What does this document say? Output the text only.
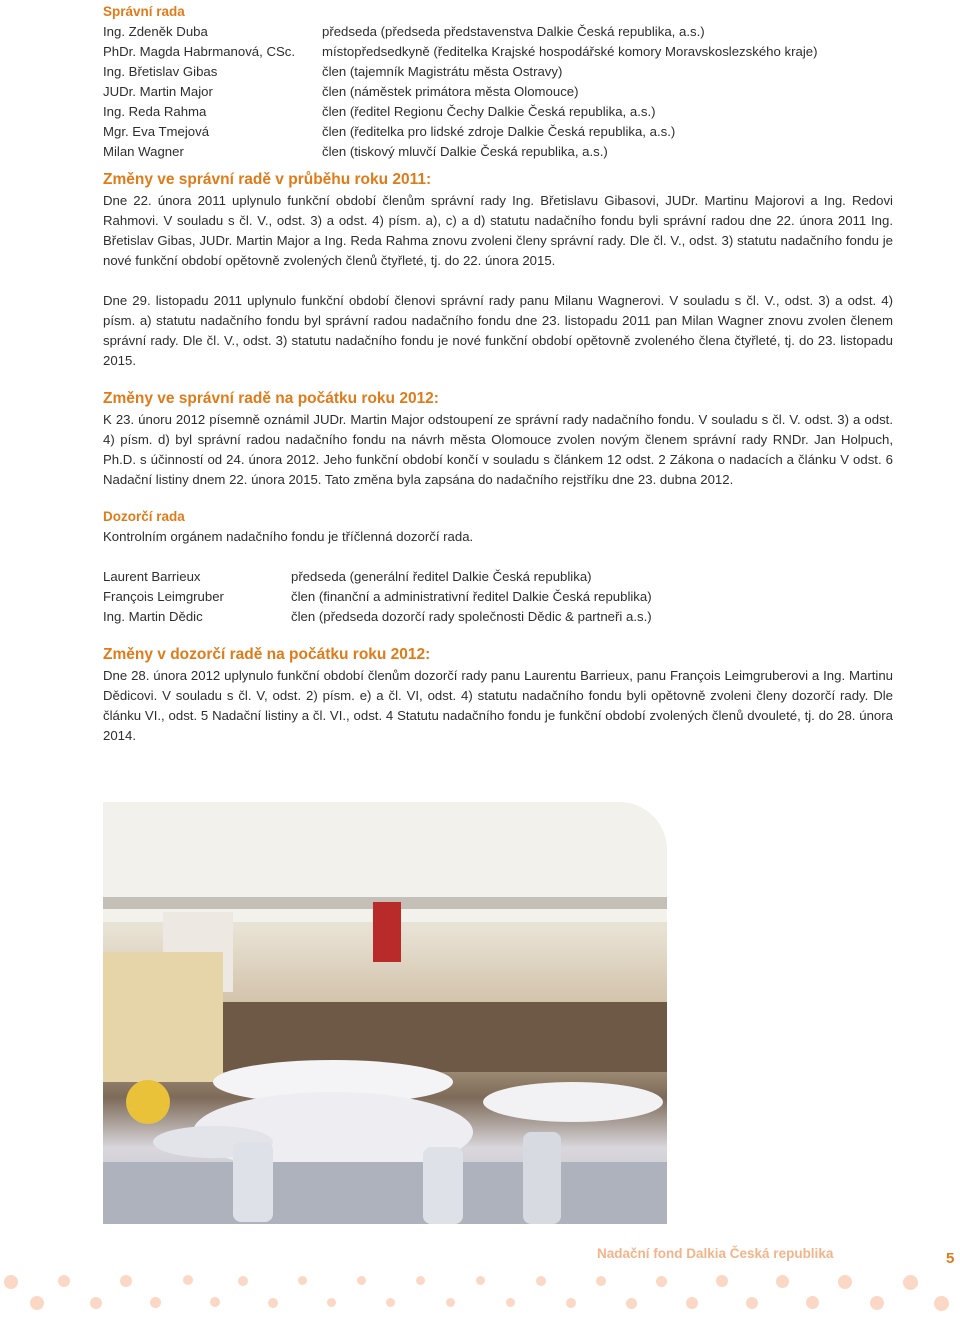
Správní rada
Ing. Zdeněk Duba	předseda (předseda představenstva Dalkie Česká republika, a.s.)
PhDr. Magda Habrmanová, CSc.	místopředsedkyně (ředitelka Krajské hospodářské komory Moravskoslezského kraje)
Ing. Břetislav Gibas	člen (tajemník Magistrátu města Ostravy)
JUDr. Martin Major	člen (náměstek primátora města Olomouce)
Ing. Reda Rahma	člen (ředitel Regionu Čechy Dalkie Česká republika, a.s.)
Mgr. Eva Tmejová	člen (ředitelka pro lidské zdroje Dalkie Česká republika, a.s.)
Milan Wagner	člen (tiskový mluvčí Dalkie Česká republika, a.s.)
Změny ve správní radě v průběhu roku 2011:
Dne 22. února 2011 uplynulo funkční období členům správní rady Ing. Břetislavu Gibasovi, JUDr. Martinu Majorovi a Ing. Redovi Rahmovi. V souladu s čl. V., odst. 3) a odst. 4) písm. a), c) a d) statutu nadačního fondu byli správní radou dne 22. února 2011 Ing. Břetislav Gibas, JUDr. Martin Major a Ing. Reda Rahma znovu zvoleni členy správní rady. Dle čl. V., odst. 3) statutu nadačního fondu je nové funkční období opětovně zvolených členů čtyřleté, tj. do 22. února 2015.
Dne 29. listopadu 2011 uplynulo funkční období členovi správní rady panu Milanu Wagnerovi. V souladu s čl. V., odst. 3) a odst. 4) písm. a) statutu nadačního fondu byl správní radou nadačního fondu dne 23. listopadu 2011 pan Milan Wagner znovu zvolen členem správní rady. Dle čl. V., odst. 3) statutu nadačního fondu je nové funkční období opětovně zvoleného člena čtyřleté, tj. do 23. listopadu 2015.
Změny ve správní radě na počátku roku 2012:
K 23. únoru 2012 písemně oznámil JUDr. Martin Major odstoupení ze správní rady nadačního fondu. V souladu s čl. V. odst. 3) a odst. 4) písm. d) byl správní radou nadačního fondu na návrh města Olomouce zvolen novým členem správní rady RNDr. Jan Holpuch, Ph.D. s účinností od 24. února 2012. Jeho funkční období končí v souladu s článkem 12 odst. 2 Zákona o nadacích a článku V odst. 6 Nadační listiny dnem 22. února 2015. Tato změna byla zapsána do nadačního rejstříku dne 23. dubna 2012.
Dozorčí rada
Kontrolním orgánem nadačního fondu je tříčlenná dozorčí rada.
Laurent Barrieux	předseda (generální ředitel Dalkie Česká republika)
François Leimgruber	člen (finanční a administrativní ředitel Dalkie Česká republika)
Ing. Martin Dědic	člen (předseda dozorčí rady společnosti Dědic & partneři a.s.)
Změny v dozorčí radě na počátku roku 2012:
Dne 28. února 2012 uplynulo funkční období členům dozorčí rady panu Laurentu Barrieux, panu François Leimgruberovi a Ing. Martinu Dědicovi. V souladu s čl. V, odst. 2) písm. e) a čl. VI, odst. 4) statutu nadačního fondu byli opětovně zvoleni členy dozorčí rady. Dle článku VI., odst. 5 Nadační listiny a čl. VI., odst. 4 Statutu nadačního fondu je funkční období zvolených členů dvouleté, tj. do 28. února 2014.
Nadační fond Dalkia Česká republika	5
